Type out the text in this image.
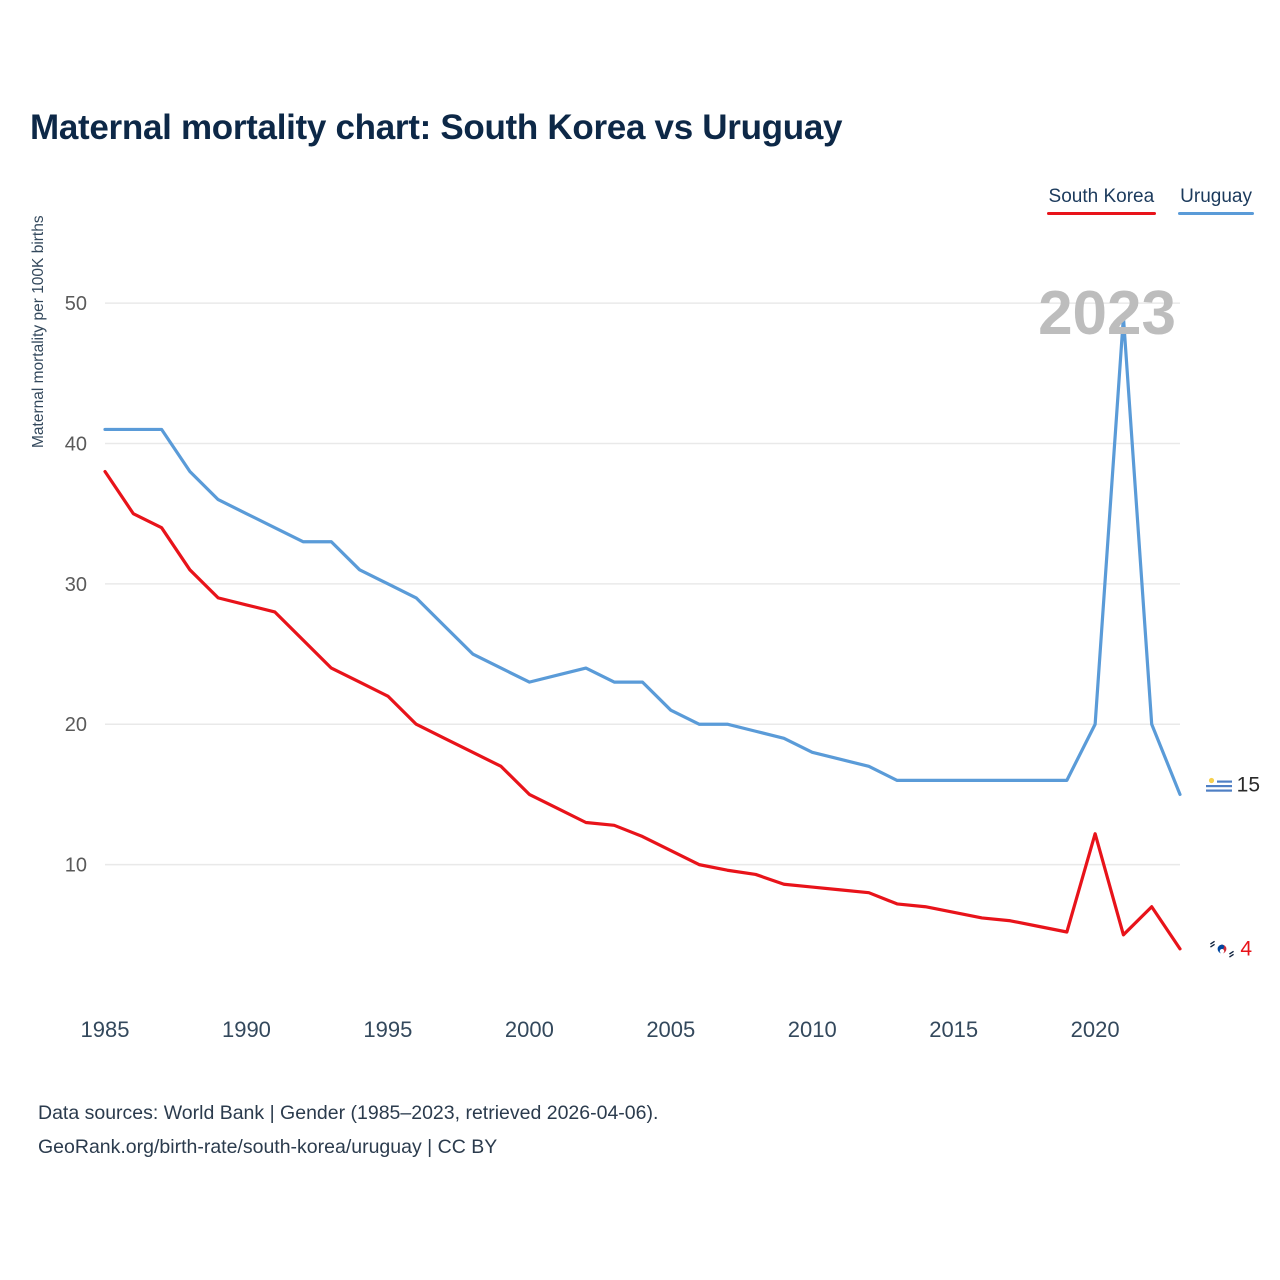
Maternal mortality chart: South Korea vs Uruguay
South Korea Uruguay
Maternal mortality per 100K births	2023
10
20
30
40
50
1985	1990	1995	2000	2005	2010	2015	2020
15
4
Data sources: World Bank | Gender (1985–2023, retrieved 2026-04-06).
GeoRank.org/birth-rate/south-korea/uruguay | CC BY
